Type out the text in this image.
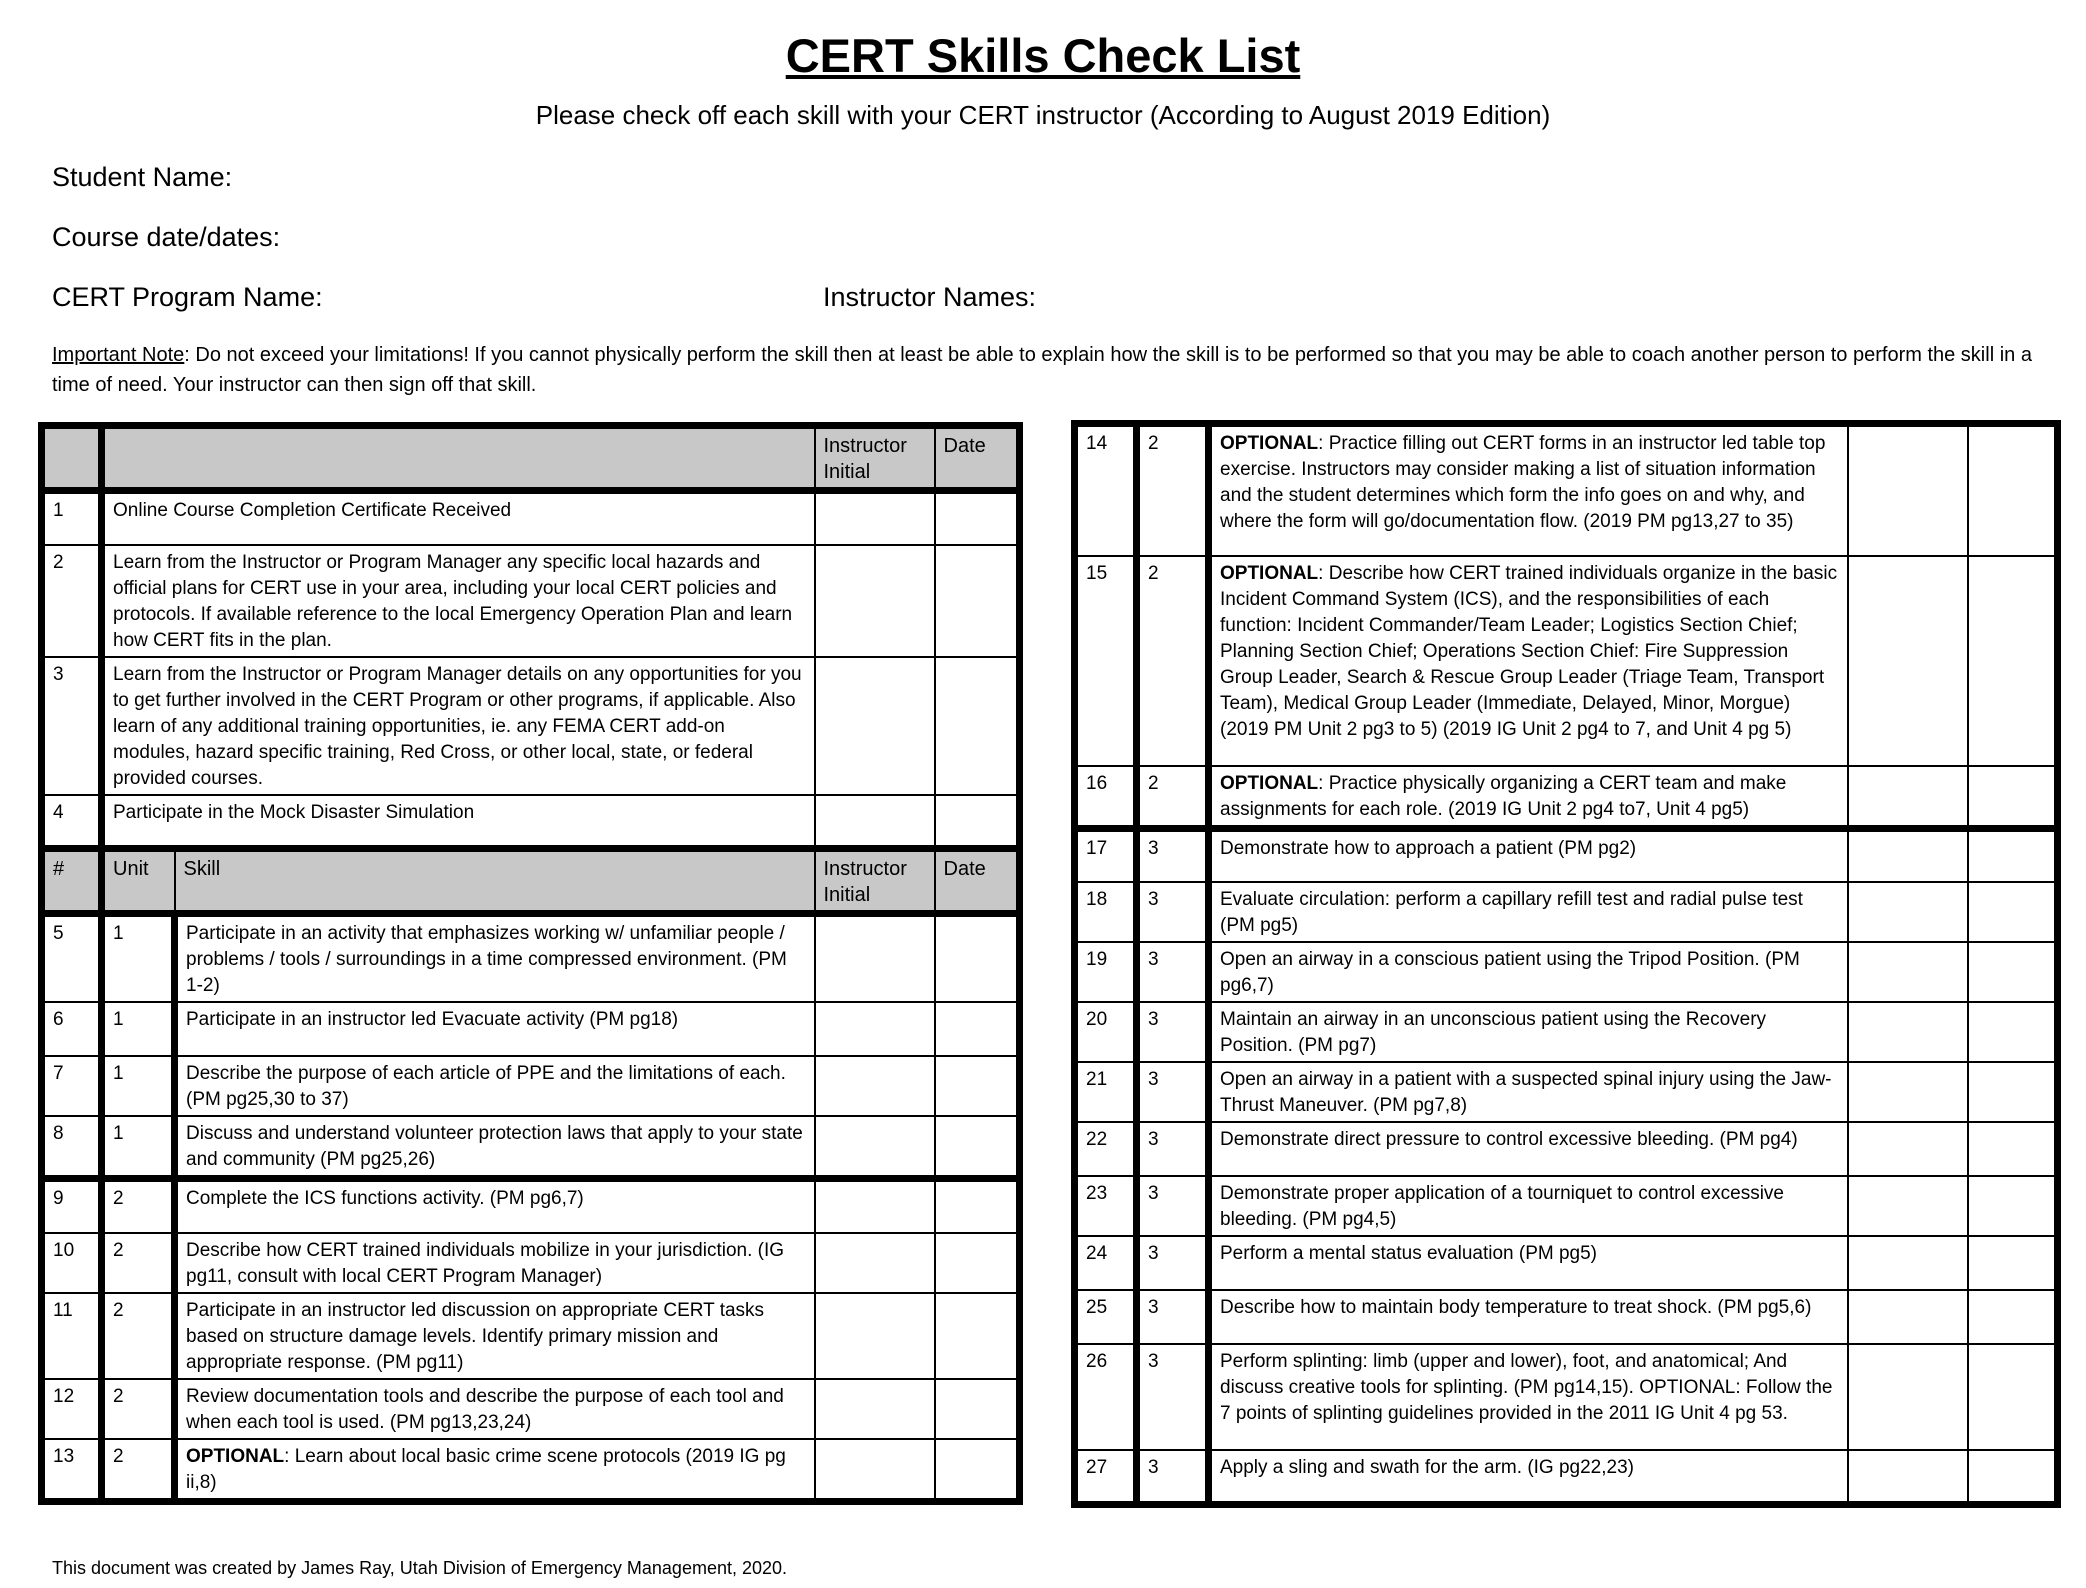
CERT Skills Check List
Please check off each skill with your CERT instructor (According to August 2019 Edition)
Student Name:
Course date/dates:
CERT Program Name:	Instructor Names:
Important Note: Do not exceed your limitations! If you cannot physically perform the skill then at least be able to explain how the skill is to be performed so that you may be able to coach another person to perform the skill in a time of need. Your instructor can then sign off that skill.
			Instructor Initial	Date
1	Online Course Completion Certificate Received			
2	Learn from the Instructor or Program Manager any specific local hazards and official plans for CERT use in your area, including your local CERT policies and protocols. If available reference to the local Emergency Operation Plan and learn how CERT fits in the plan.			
3	Learn from the Instructor or Program Manager details on any opportunities for you to get further involved in the CERT Program or other programs, if applicable. Also learn of any additional training opportunities, ie. any FEMA CERT add-on modules, hazard specific training, Red Cross, or other local, state, or federal provided courses.			
4	Participate in the Mock Disaster Simulation			
#	Unit	Skill	Instructor Initial	Date
5	1	Participate in an activity that emphasizes working w/ unfamiliar people / problems / tools / surroundings in a time compressed environment. (PM 1-2)		
6	1	Participate in an instructor led Evacuate activity (PM pg18)		
7	1	Describe the purpose of each article of PPE and the limitations of each. (PM pg25,30 to 37)		
8	1	Discuss and understand volunteer protection laws that apply to your state and community (PM pg25,26)		
9	2	Complete the ICS functions activity. (PM pg6,7)		
10	2	Describe how CERT trained individuals mobilize in your jurisdiction. (IG pg11, consult with local CERT Program Manager)		
11	2	Participate in an instructor led discussion on appropriate CERT tasks based on structure damage levels. Identify primary mission and appropriate response. (PM pg11)		
12	2	Review documentation tools and describe the purpose of each tool and when each tool is used. (PM pg13,23,24)		
13	2	OPTIONAL: Learn about local basic crime scene protocols (2019 IG pg ii,8)		
14	2	OPTIONAL: Practice filling out CERT forms in an instructor led table top exercise. Instructors may consider making a list of situation information and the student determines which form the info goes on and why, and where the form will go/documentation flow. (2019 PM pg13,27 to 35)		
15	2	OPTIONAL: Describe how CERT trained individuals organize in the basic Incident Command System (ICS), and the responsibilities of each function: Incident Commander/Team Leader; Logistics Section Chief; Planning Section Chief; Operations Section Chief: Fire Suppression Group Leader, Search & Rescue Group Leader (Triage Team, Transport Team), Medical Group Leader (Immediate, Delayed, Minor, Morgue) (2019 PM Unit 2 pg3 to 5) (2019 IG Unit 2 pg4 to 7, and Unit 4 pg 5)		
16	2	OPTIONAL: Practice physically organizing a CERT team and make assignments for each role. (2019 IG Unit 2 pg4 to7, Unit 4 pg5)		
17	3	Demonstrate how to approach a patient (PM pg2)		
18	3	Evaluate circulation: perform a capillary refill test and radial pulse test (PM pg5)		
19	3	Open an airway in a conscious patient using the Tripod Position. (PM pg6,7)		
20	3	Maintain an airway in an unconscious patient using the Recovery Position. (PM pg7)		
21	3	Open an airway in a patient with a suspected spinal injury using the Jaw-Thrust Maneuver. (PM pg7,8)		
22	3	Demonstrate direct pressure to control excessive bleeding. (PM pg4)		
23	3	Demonstrate proper application of a tourniquet to control excessive bleeding. (PM pg4,5)		
24	3	Perform a mental status evaluation (PM pg5)		
25	3	Describe how to maintain body temperature to treat shock. (PM pg5,6)		
26	3	Perform splinting: limb (upper and lower), foot, and anatomical; And discuss creative tools for splinting. (PM pg14,15). OPTIONAL: Follow the 7 points of splinting guidelines provided in the 2011 IG Unit 4 pg 53.		
27	3	Apply a sling and swath for the arm. (IG pg22,23)		
This document was created by James Ray, Utah Division of Emergency Management, 2020.
